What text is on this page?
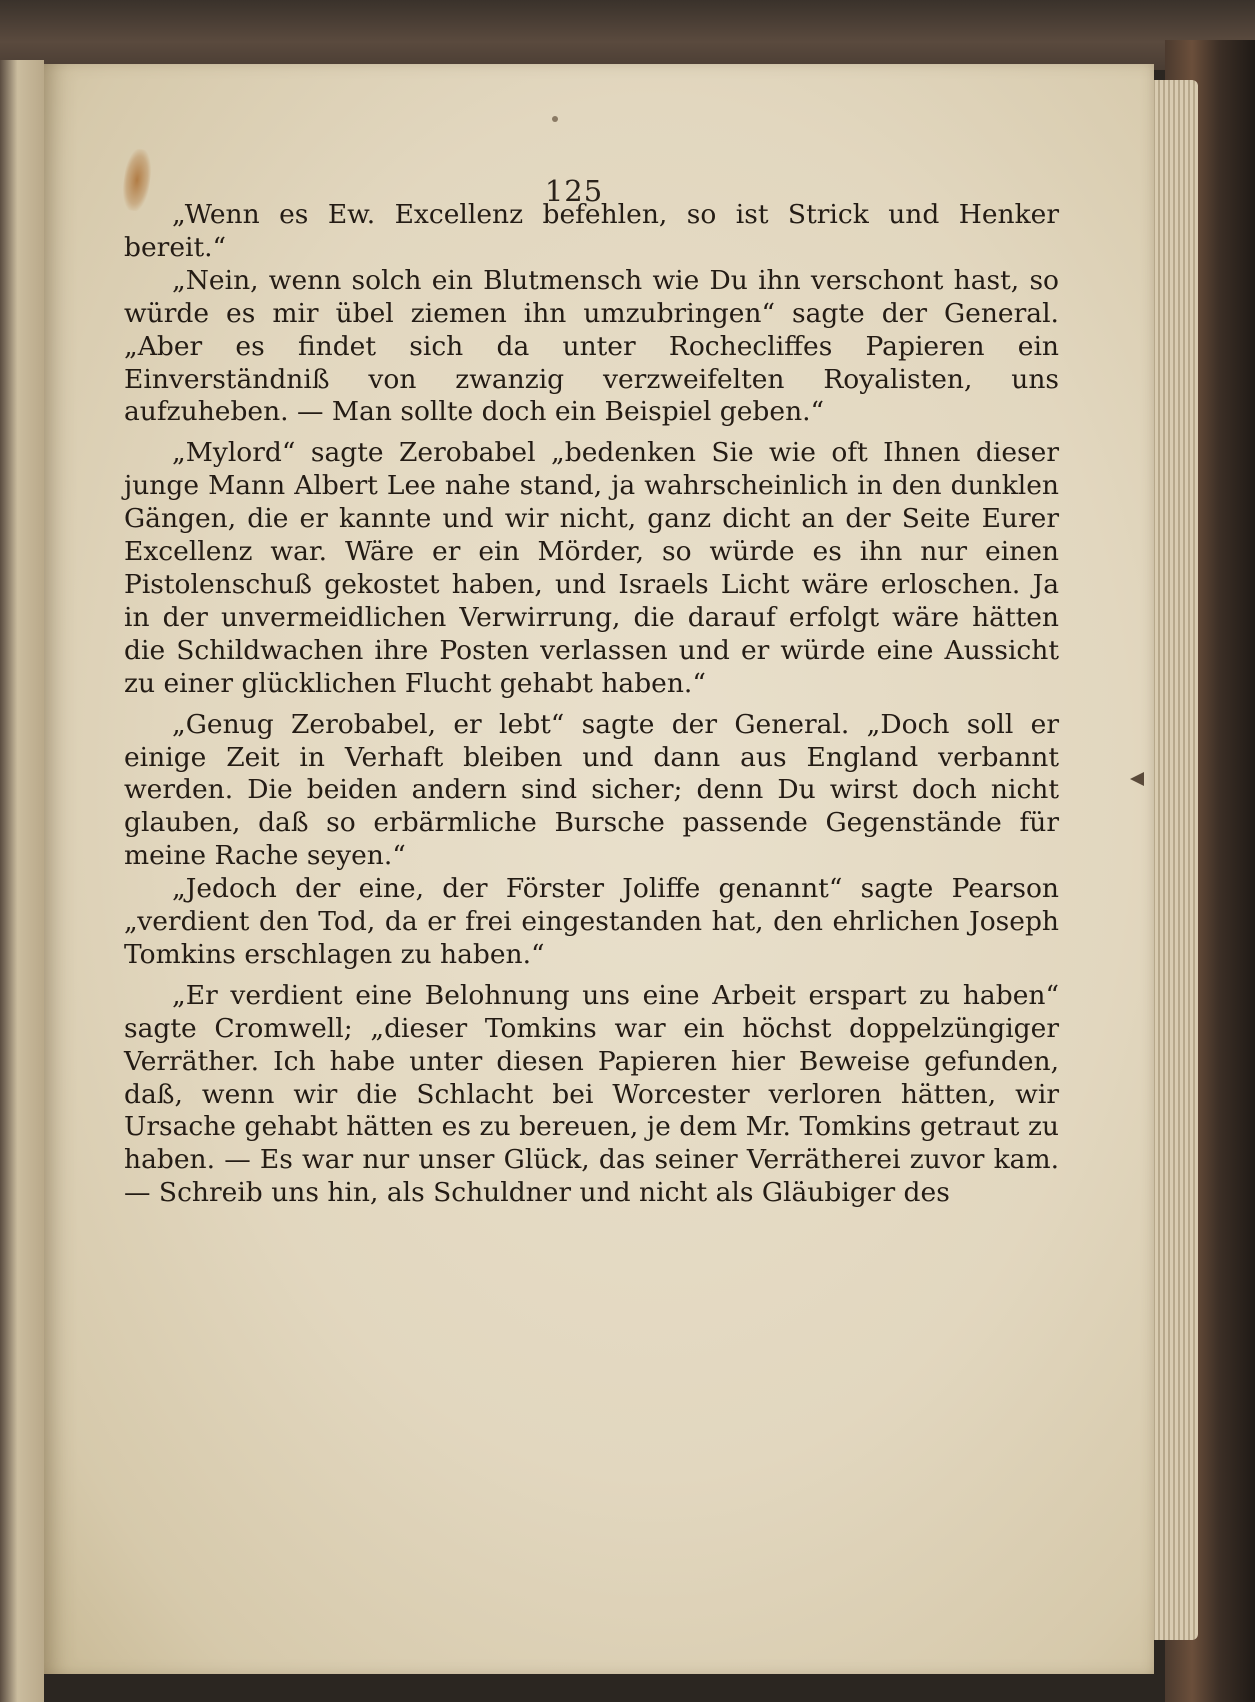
125

„Wenn es Ew. Excellenz befehlen, so ist Strick und Henker bereit.“

„Nein, wenn solch ein Blutmensch wie Du ihn verschont hast, so würde es mir übel ziemen ihn umzubringen“ sagte der General. „Aber es findet sich da unter Rochecliffes Papieren ein Einverständniß von zwanzig verzweifelten Royalisten, uns aufzuheben. — Man sollte doch ein Beispiel geben.“

„Mylord“ sagte Zerobabel „bedenken Sie wie oft Ihnen dieser junge Mann Albert Lee nahe stand, ja wahrscheinlich in den dunklen Gängen, die er kannte und wir nicht, ganz dicht an der Seite Eurer Excellenz war. Wäre er ein Mörder, so würde es ihn nur einen Pistolenschuß gekostet haben, und Israels Licht wäre erloschen. Ja in der unvermeidlichen Verwirrung, die darauf erfolgt wäre hätten die Schildwachen ihre Posten verlassen und er würde eine Aussicht zu einer glücklichen Flucht gehabt haben.“

„Genug Zerobabel, er lebt“ sagte der General. „Doch soll er einige Zeit in Verhaft bleiben und dann aus England verbannt werden. Die beiden andern sind sicher; denn Du wirst doch nicht glauben, daß so erbärmliche Bursche passende Gegenstände für meine Rache seyen.“

„Jedoch der eine, der Förster Joliffe genannt“ sagte Pearson „verdient den Tod, da er frei eingestanden hat, den ehrlichen Joseph Tomkins erschlagen zu haben.“

„Er verdient eine Belohnung uns eine Arbeit erspart zu haben“ sagte Cromwell; „dieser Tomkins war ein höchst doppelzüngiger Verräther. Ich habe unter diesen Papieren hier Beweise gefunden, daß, wenn wir die Schlacht bei Worcester verloren hätten, wir Ursache gehabt hätten es zu bereuen, je dem Mr. Tomkins getraut zu haben. — Es war nur unser Glück, das seiner Verrätherei zuvor kam. — Schreib uns hin, als Schuldner und nicht als Gläubiger des
